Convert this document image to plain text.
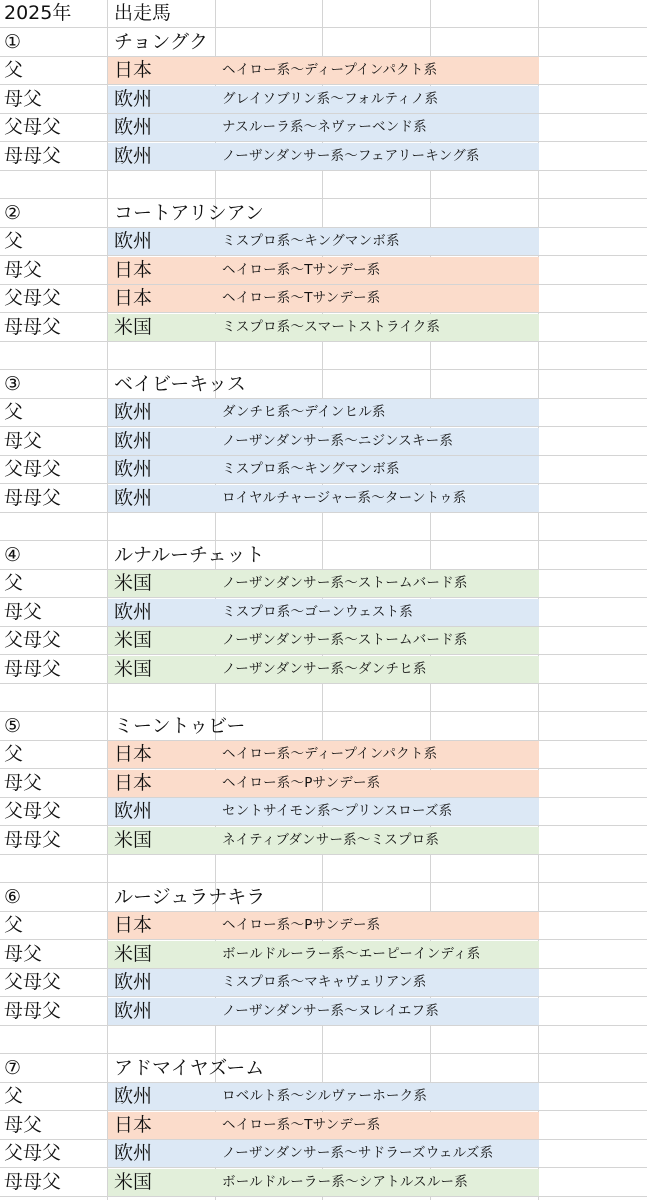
2025年	出走馬
①	チョングク
父	日本	ヘイロー系〜ディープインパクト系
母父	欧州	グレイソブリン系〜フォルティノ系
父母父	欧州	ナスルーラ系〜ネヴァーベンド系
母母父	欧州	ノーザンダンサー系〜フェアリーキング系
②	コートアリシアン
父	欧州	ミスプロ系〜キングマンボ系
母父	日本	ヘイロー系〜Tサンデー系
父母父	日本	ヘイロー系〜Tサンデー系
母母父	米国	ミスプロ系〜スマートストライク系
③	ベイビーキッス
父	欧州	ダンチヒ系〜デインヒル系
母父	欧州	ノーザンダンサー系〜ニジンスキー系
父母父	欧州	ミスプロ系〜キングマンボ系
母母父	欧州	ロイヤルチャージャー系〜ターントゥ系
④	ルナルーチェット
父	米国	ノーザンダンサー系〜ストームバード系
母父	欧州	ミスプロ系〜ゴーンウェスト系
父母父	米国	ノーザンダンサー系〜ストームバード系
母母父	米国	ノーザンダンサー系〜ダンチヒ系
⑤	ミーントゥビー
父	日本	ヘイロー系〜ディープインパクト系
母父	日本	ヘイロー系〜Pサンデー系
父母父	欧州	セントサイモン系〜プリンスローズ系
母母父	米国	ネイティブダンサー系〜ミスプロ系
⑥	ルージュラナキラ
父	日本	ヘイロー系〜Pサンデー系
母父	米国	ボールドルーラー系〜エーピーインディ系
父母父	欧州	ミスプロ系〜マキャヴェリアン系
母母父	欧州	ノーザンダンサー系〜ヌレイエフ系
⑦	アドマイヤズーム
父	欧州	ロベルト系〜シルヴァーホーク系
母父	日本	ヘイロー系〜Tサンデー系
父母父	欧州	ノーザンダンサー系〜サドラーズウェルズ系
母母父	米国	ボールドルーラー系〜シアトルスルー系
